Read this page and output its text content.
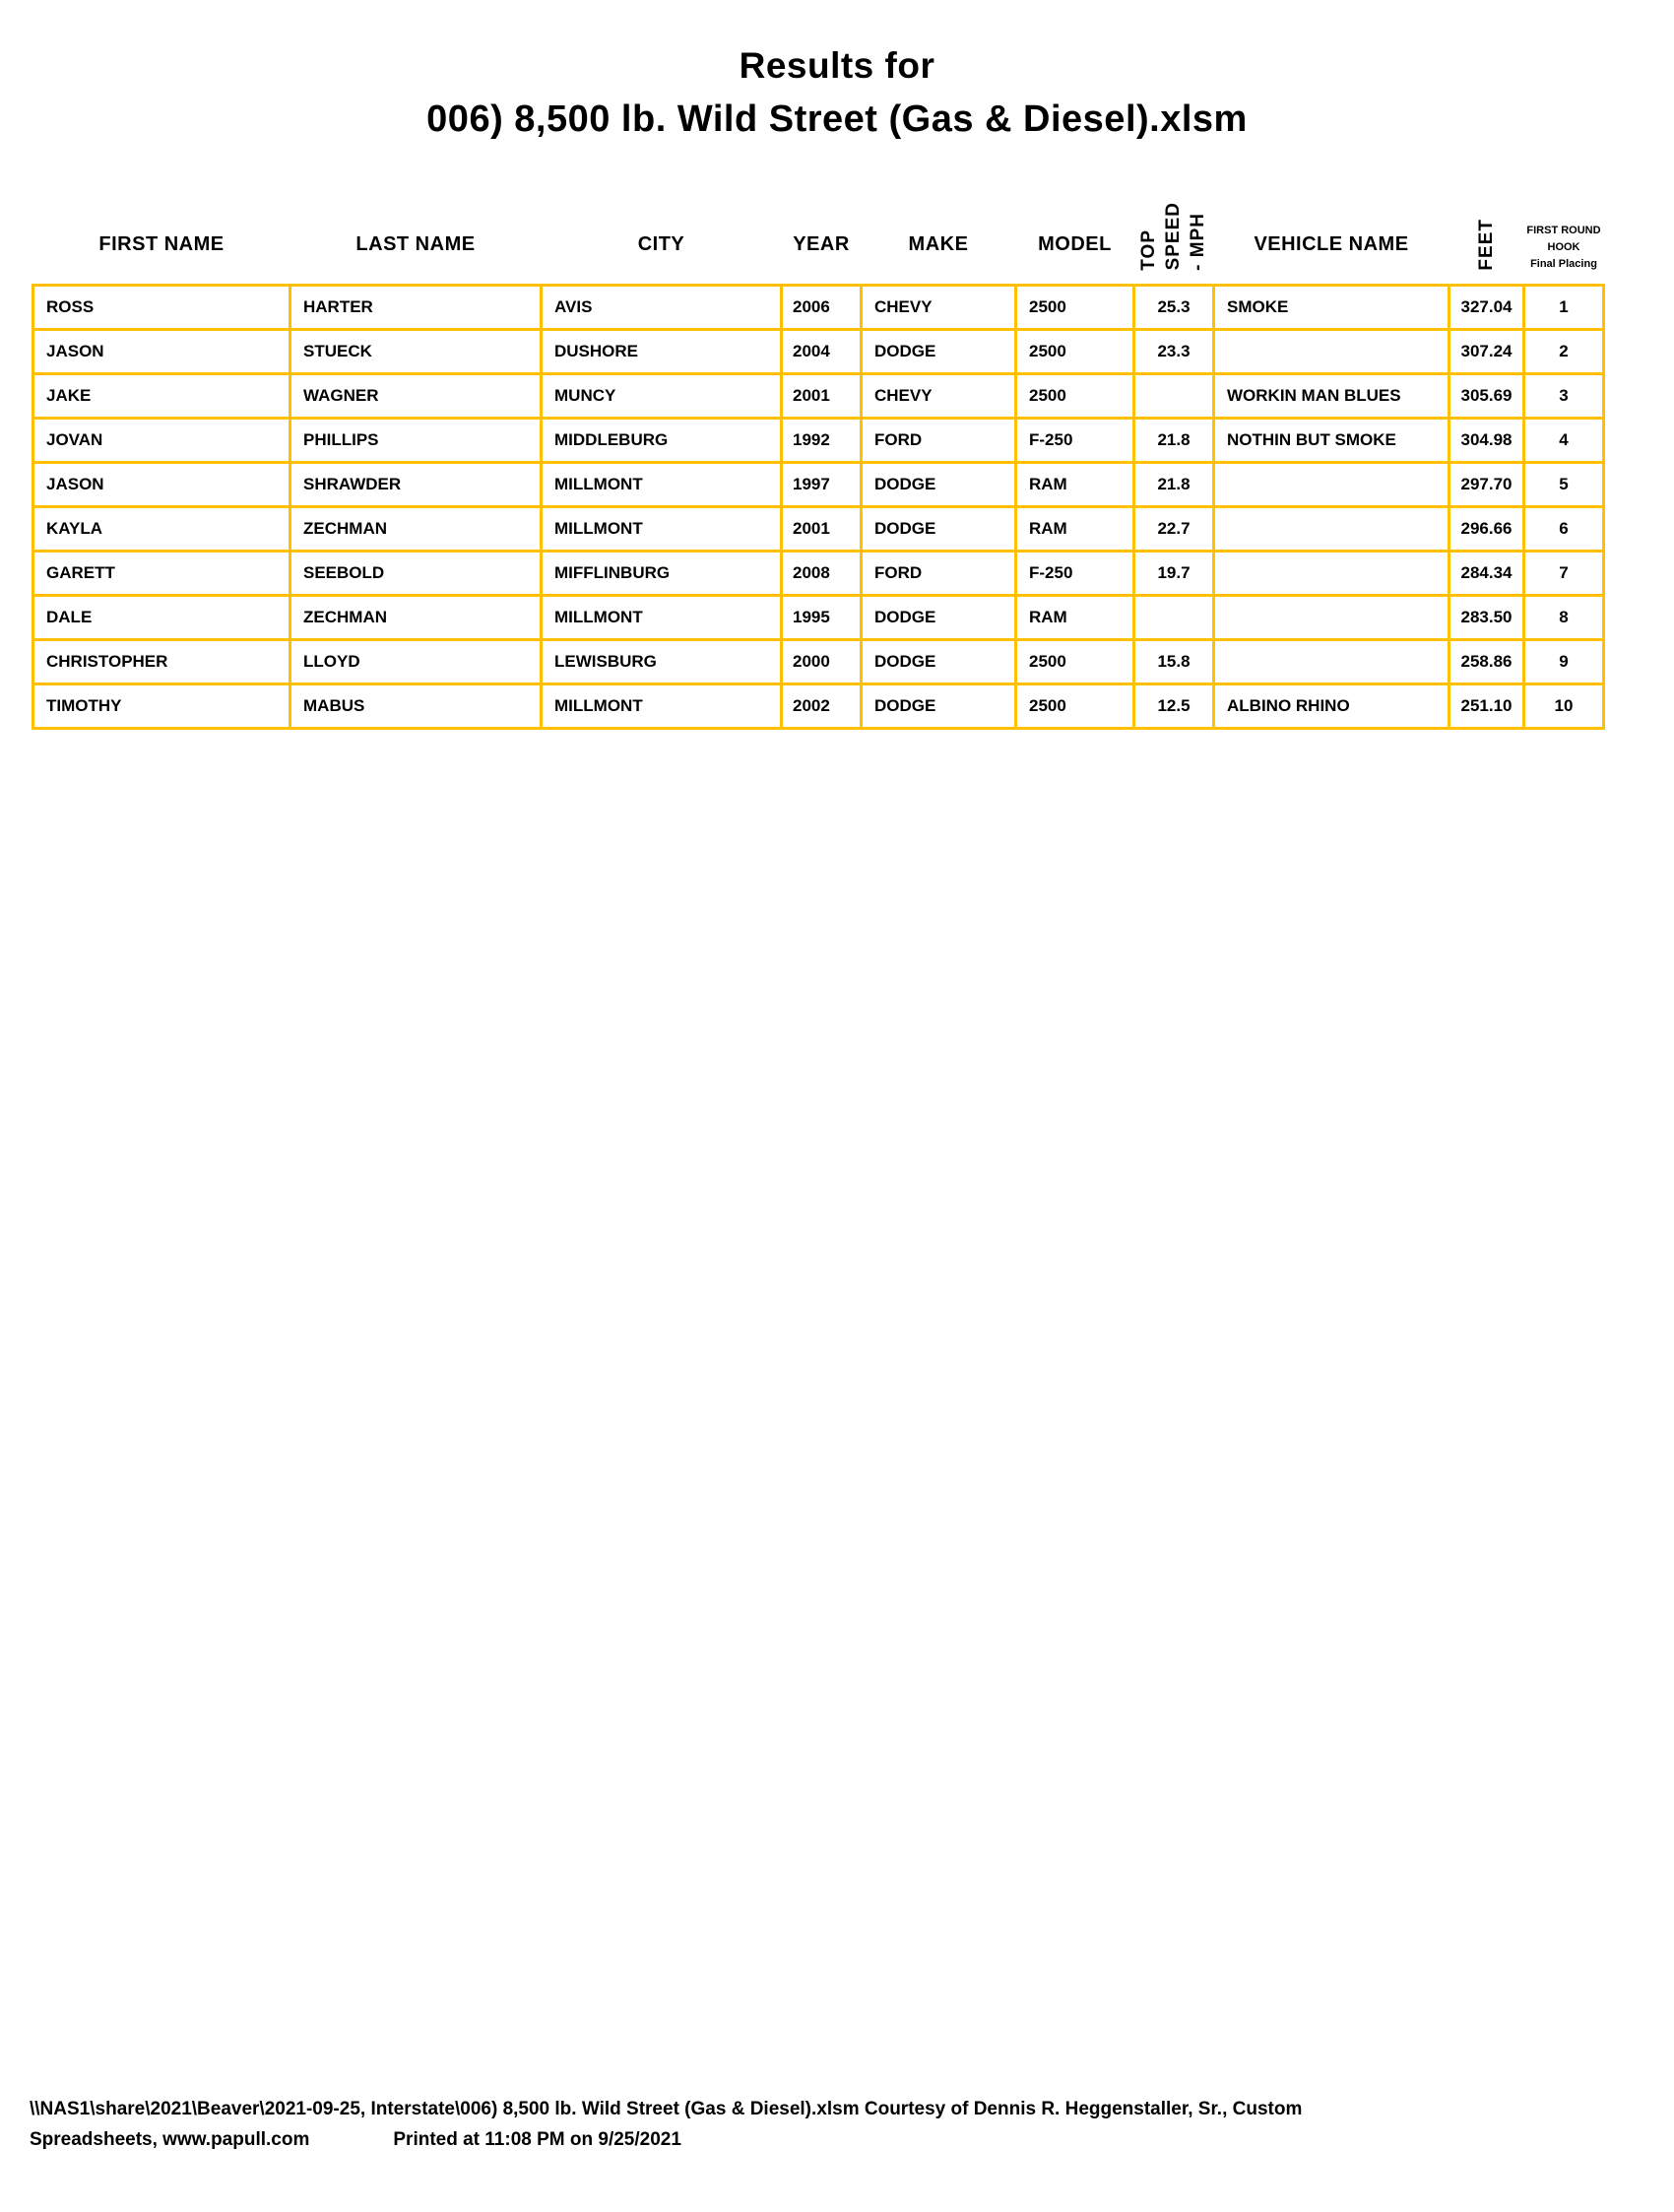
Results for
006) 8,500 lb. Wild Street (Gas & Diesel).xlsm
FIRST NAME	LAST NAME	CITY	YEAR	MAKE	MODEL	TOP SPEED - MPH	VEHICLE NAME	FEET	FIRST ROUND
HOOK
Final Placing

ROSS	HARTER	AVIS	2006	CHEVY	2500	25.3	SMOKE	327.04	1
JASON	STUECK	DUSHORE	2004	DODGE	2500	23.3		307.24	2
JAKE	WAGNER	MUNCY	2001	CHEVY	2500		WORKIN MAN BLUES	305.69	3
JOVAN	PHILLIPS	MIDDLEBURG	1992	FORD	F-250	21.8	NOTHIN BUT SMOKE	304.98	4
JASON	SHRAWDER	MILLMONT	1997	DODGE	RAM	21.8		297.70	5
KAYLA	ZECHMAN	MILLMONT	2001	DODGE	RAM	22.7		296.66	6
GARETT	SEEBOLD	MIFFLINBURG	2008	FORD	F-250	19.7		284.34	7
DALE	ZECHMAN	MILLMONT	1995	DODGE	RAM			283.50	8
CHRISTOPHER	LLOYD	LEWISBURG	2000	DODGE	2500	15.8		258.86	9
TIMOTHY	MABUS	MILLMONT	2002	DODGE	2500	12.5	ALBINO RHINO	251.10	10
\\NAS1\share\2021\Beaver\2021-09-25, Interstate\006) 8,500 lb. Wild Street (Gas & Diesel).xlsm Courtesy of Dennis R. Heggenstaller, Sr., Custom
Spreadsheets, www.papull.com	Printed at 11:08 PM on 9/25/2021
